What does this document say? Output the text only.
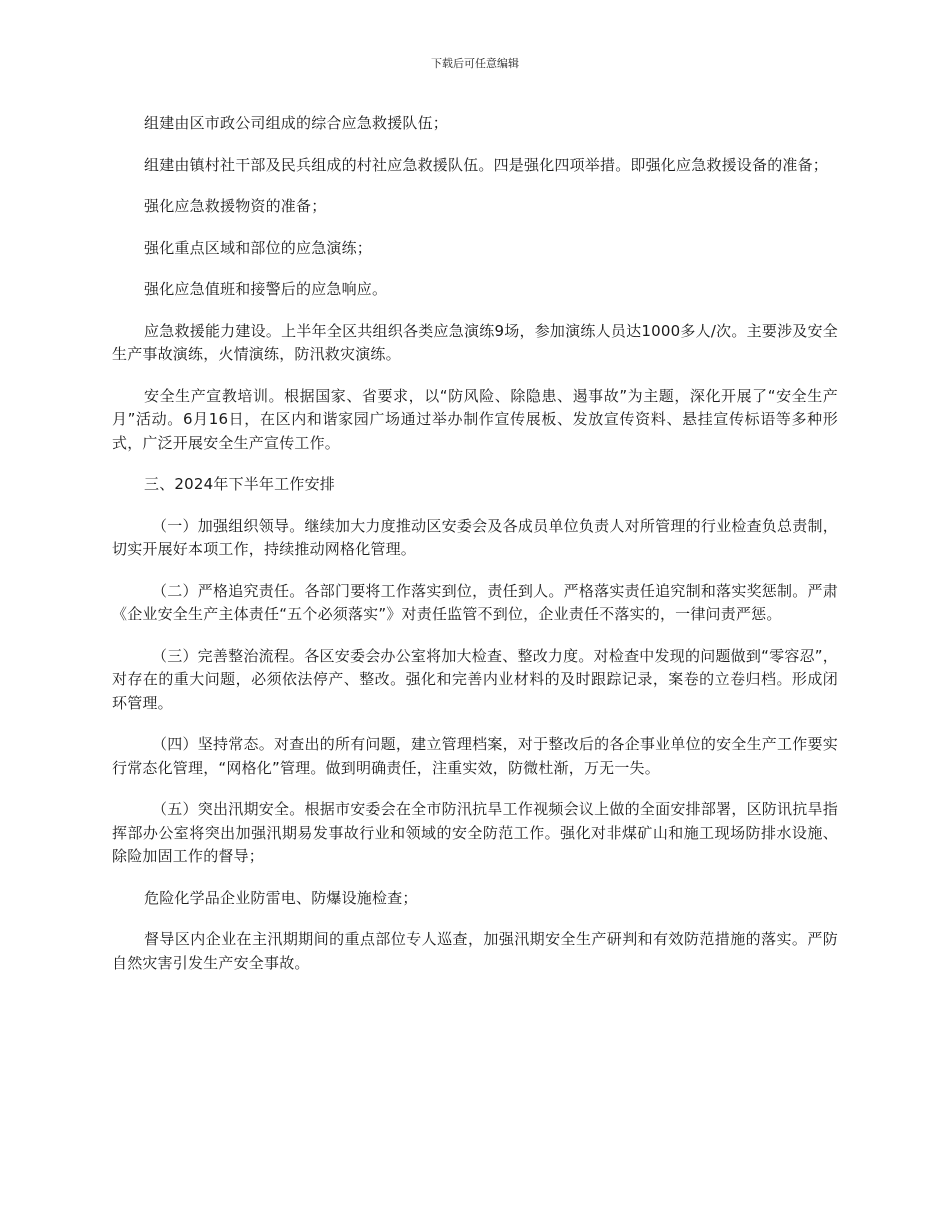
下载后可任意编辑

组建由区市政公司组成的综合应急救援队伍；

组建由镇村社干部及民兵组成的村社应急救援队伍。四是强化四项举措。即强化应急救援设备的准备；

强化应急救援物资的准备；

强化重点区域和部位的应急演练；

强化应急值班和接警后的应急响应。

应急救援能力建设。上半年全区共组织各类应急演练9场，参加演练人员达1000多人/次。主要涉及安全生产事故演练，火情演练，防汛救灾演练。

安全生产宣教培训。根据国家、省要求，以“防风险、除隐患、遏事故”为主题，深化开展了“安全生产月”活动。6月16日，在区内和谐家园广场通过举办制作宣传展板、发放宣传资料、悬挂宣传标语等多种形式，广泛开展安全生产宣传工作。

三、2024年下半年工作安排

（一）加强组织领导。继续加大力度推动区安委会及各成员单位负责人对所管理的行业检查负总责制，切实开展好本项工作，持续推动网格化管理。

（二）严格追究责任。各部门要将工作落实到位，责任到人。严格落实责任追究制和落实奖惩制。严肃《企业安全生产主体责任“五个必须落实”》对责任监管不到位，企业责任不落实的，一律问责严惩。

（三）完善整治流程。各区安委会办公室将加大检查、整改力度。对检查中发现的问题做到“零容忍”，对存在的重大问题，必须依法停产、整改。强化和完善内业材料的及时跟踪记录，案卷的立卷归档。形成闭环管理。

（四）坚持常态。对查出的所有问题，建立管理档案，对于整改后的各企事业单位的安全生产工作要实行常态化管理，“网格化”管理。做到明确责任，注重实效，防微杜渐，万无一失。

（五）突出汛期安全。根据市安委会在全市防汛抗旱工作视频会议上做的全面安排部署，区防讯抗旱指挥部办公室将突出加强汛期易发事故行业和领域的安全防范工作。强化对非煤矿山和施工现场防排水设施、除险加固工作的督导；

危险化学品企业防雷电、防爆设施检查；

督导区内企业在主汛期期间的重点部位专人巡查，加强汛期安全生产研判和有效防范措施的落实。严防自然灾害引发生产安全事故。
